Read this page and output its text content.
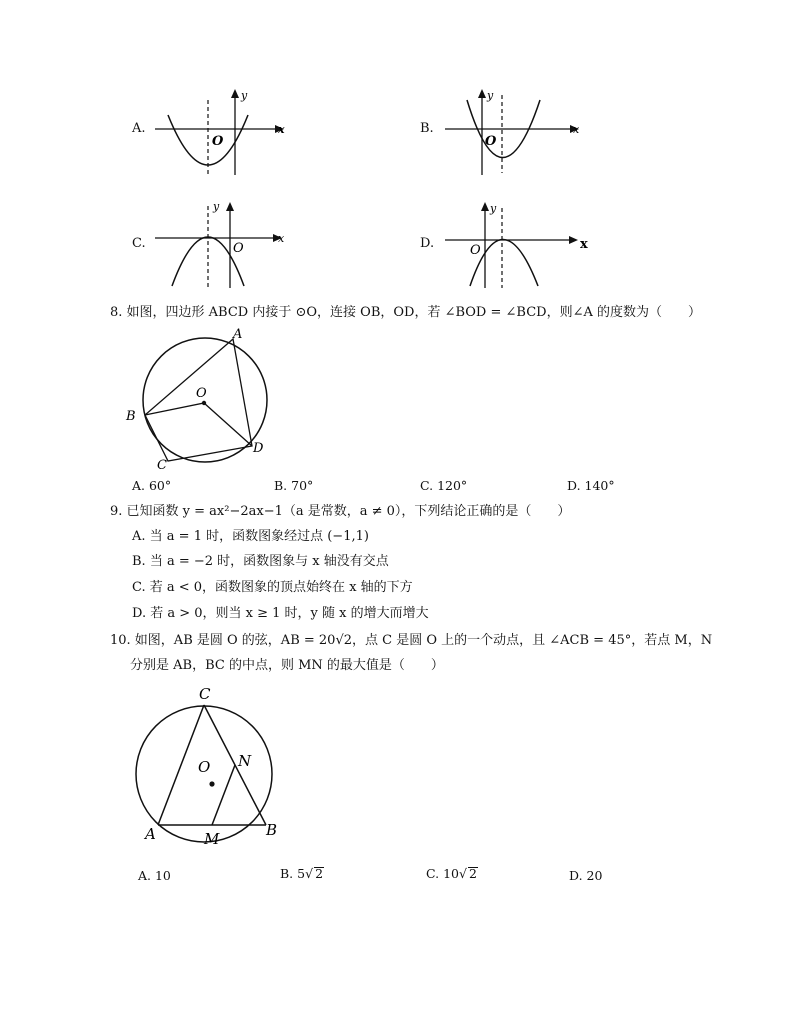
A.
y
x
O
B.
y
x
O
C.
y
x
O	D.
y
x
O
8. 如图，四边形 ABCD 内接于 ⊙O，连接 OB，OD，若 ∠BOD = ∠BCD，则∠A 的度数为（　　）
A
B
C
D
O
A. 60°	B. 70°	C. 120°	D. 140°
9. 已知函数 y = ax²−2ax−1（a 是常数，a ≠ 0），下列结论正确的是（　　）
A. 当 a = 1 时，函数图象经过点 (−1,1)
B. 当 a = −2 时，函数图象与 x 轴没有交点
C. 若 a < 0，函数图象的顶点始终在 x 轴的下方
D. 若 a > 0，则当 x ≥ 1 时，y 随 x 的增大而增大
10. 如图，AB 是圆 O 的弦，AB = 20√2，点 C 是圆 O 上的一个动点，且 ∠ACB = 45°，若点 M，N
分别是 AB，BC 的中点，则 MN 的最大值是（　　）
C
O N
A	M	B
A. 10	B. 5√ 2	C. 10√ 2	D. 20
